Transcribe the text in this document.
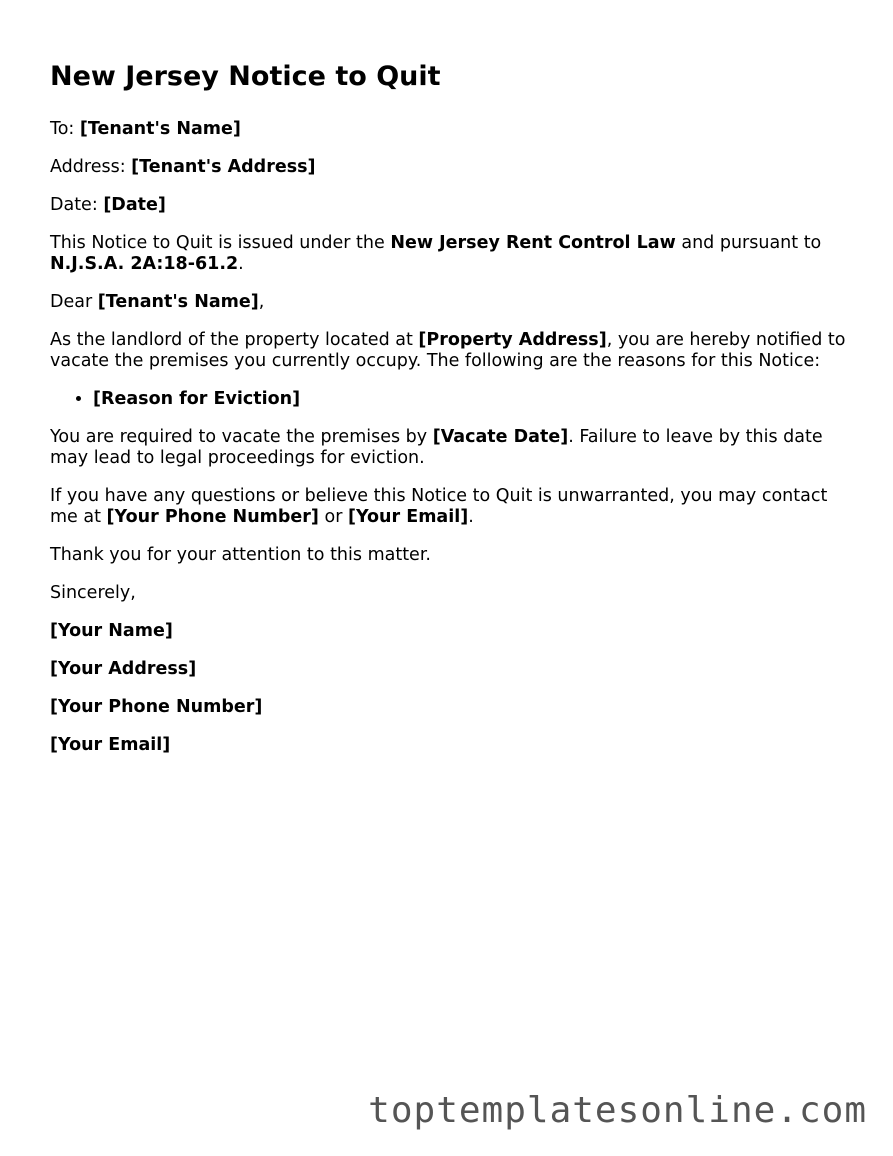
New Jersey Notice to Quit

To: [Tenant's Name]

Address: [Tenant's Address]

Date: [Date]

This Notice to Quit is issued under the New Jersey Rent Control Law and pursuant to N.J.S.A. 2A:18-61.2.

Dear [Tenant's Name],

As the landlord of the property located at [Property Address], you are hereby notified to vacate the premises you currently occupy. The following are the reasons for this Notice:

• [Reason for Eviction]

You are required to vacate the premises by [Vacate Date]. Failure to leave by this date may lead to legal proceedings for eviction.

If you have any questions or believe this Notice to Quit is unwarranted, you may contact me at [Your Phone Number] or [Your Email].

Thank you for your attention to this matter.

Sincerely,

[Your Name]

[Your Address]

[Your Phone Number]

[Your Email]

toptemplatesonline.com
